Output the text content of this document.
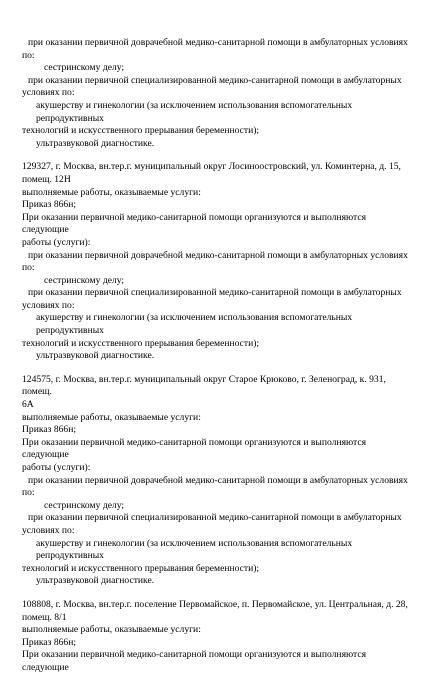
при оказании первичной доврачебной медико-санитарной помощи в амбулаторных условиях
по:
сестринскому делу;
при оказании первичной специализированной медико-санитарной помощи в амбулаторных
условиях по:
акушерству и гинекологии (за исключением использования вспомогательных репродуктивных
технологий и искусственного прерывания беременности);
ультразвуковой диагностике.
129327, г. Москва, вн.тер.г. муниципальный округ Лосиноостровский, ул. Коминтерна, д. 15,
помещ. 12Н
выполняемые работы, оказываемые услуги:
Приказ 866н;
При оказании первичной медико-санитарной помощи организуются и выполняются следующие
работы (услуги):
при оказании первичной доврачебной медико-санитарной помощи в амбулаторных условиях
по:
сестринскому делу;
при оказании первичной специализированной медико-санитарной помощи в амбулаторных
условиях по:
акушерству и гинекологии (за исключением использования вспомогательных репродуктивных
технологий и искусственного прерывания беременности);
ультразвуковой диагностике.
124575, г. Москва, вн.тер.г. муниципальный округ Старое Крюково, г. Зеленоград, к. 931, помещ.
6А
выполняемые работы, оказываемые услуги:
Приказ 866н;
При оказании первичной медико-санитарной помощи организуются и выполняются следующие
работы (услуги):
при оказании первичной доврачебной медико-санитарной помощи в амбулаторных условиях
по:
сестринскому делу;
при оказании первичной специализированной медико-санитарной помощи в амбулаторных
условиях по:
акушерству и гинекологии (за исключением использования вспомогательных репродуктивных
технологий и искусственного прерывания беременности);
ультразвуковой диагностике.
108808, г. Москва, вн.тер.г. поселение Первомайское, п. Первомайское, ул. Центральная, д. 28,
помещ. 8/1
выполняемые работы, оказываемые услуги:
Приказ 866н;
При оказании первичной медико-санитарной помощи организуются и выполняются следующие
